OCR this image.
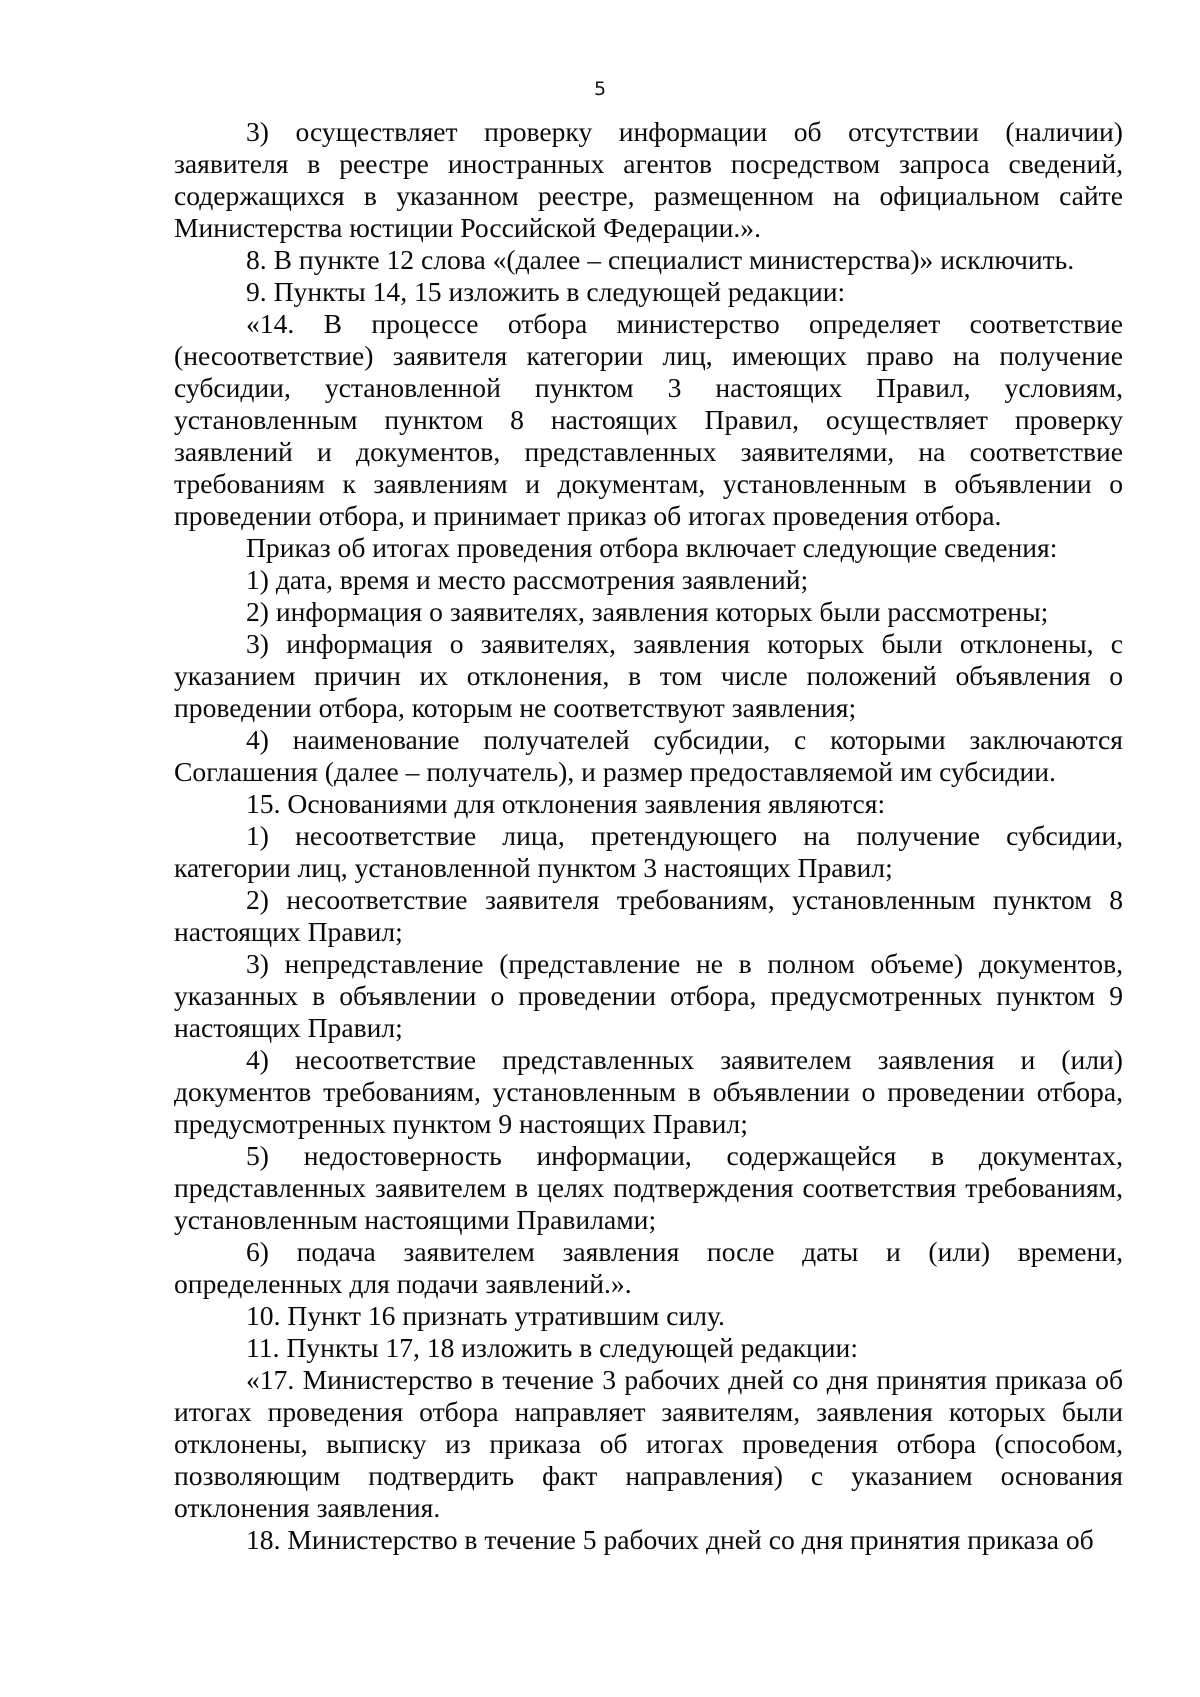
5

3) осуществляет проверку информации об отсутствии (наличии) заявителя в реестре иностранных агентов посредством запроса сведений, содержащихся в указанном реестре, размещенном на официальном сайте Министерства юстиции Российской Федерации.».

8. В пункте 12 слова «(далее – специалист министерства)» исключить.

9. Пункты 14, 15 изложить в следующей редакции:

«14. В процессе отбора министерство определяет соответствие (несоответствие) заявителя категории лиц, имеющих право на получение субсидии, установленной пунктом 3 настоящих Правил, условиям, установленным пунктом 8 настоящих Правил, осуществляет проверку заявлений и документов, представленных заявителями, на соответствие требованиям к заявлениям и документам, установленным в объявлении о проведении отбора, и принимает приказ об итогах проведения отбора.

Приказ об итогах проведения отбора включает следующие сведения:

1) дата, время и место рассмотрения заявлений;

2) информация о заявителях, заявления которых были рассмотрены;

3) информация о заявителях, заявления которых были отклонены, с указанием причин их отклонения, в том числе положений объявления о проведении отбора, которым не соответствуют заявления;

4) наименование получателей субсидии, с которыми заключаются Соглашения (далее – получатель), и размер предоставляемой им субсидии.

15. Основаниями для отклонения заявления являются:

1) несоответствие лица, претендующего на получение субсидии, категории лиц, установленной пунктом 3 настоящих Правил;

2) несоответствие заявителя требованиям, установленным пунктом 8 настоящих Правил;

3) непредставление (представление не в полном объеме) документов, указанных в объявлении о проведении отбора, предусмотренных пунктом 9 настоящих Правил;

4) несоответствие представленных заявителем заявления и (или) документов требованиям, установленным в объявлении о проведении отбора, предусмотренных пунктом 9 настоящих Правил;

5) недостоверность информации, содержащейся в документах, представленных заявителем в целях подтверждения соответствия требованиям, установленным настоящими Правилами;

6) подача заявителем заявления после даты и (или) времени, определенных для подачи заявлений.».

10. Пункт 16 признать утратившим силу.

11. Пункты 17, 18 изложить в следующей редакции:

«17. Министерство в течение 3 рабочих дней со дня принятия приказа об итогах проведения отбора направляет заявителям, заявления которых были отклонены, выписку из приказа об итогах проведения отбора (способом, позволяющим подтвердить факт направления) с указанием основания отклонения заявления.

18. Министерство в течение 5 рабочих дней со дня принятия приказа об
